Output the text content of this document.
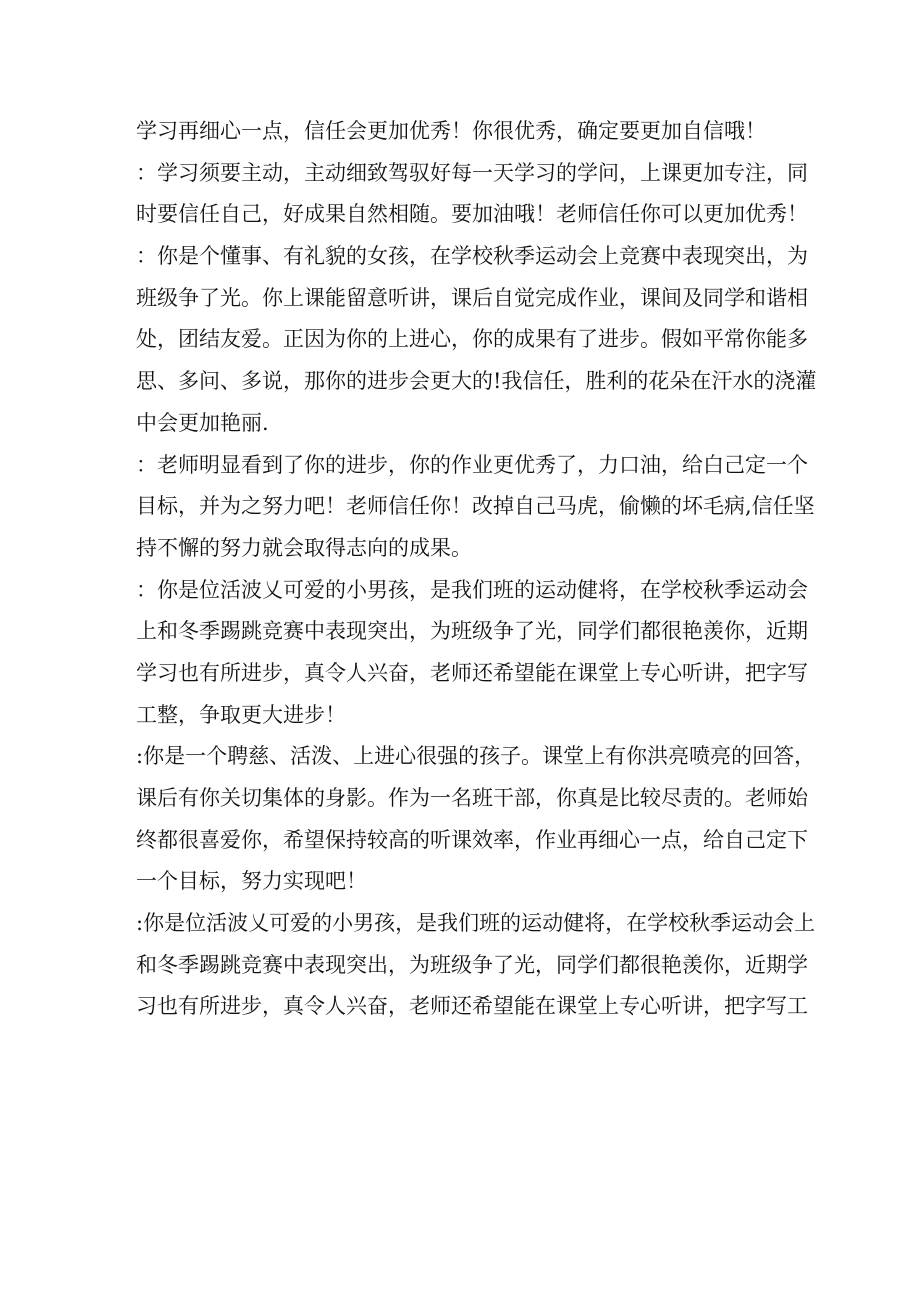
学习再细心一点，信任会更加优秀！你很优秀，确定要更加自信哦！
：学习须要主动，主动细致驾驭好每一天学习的学问，上课更加专注，同
时要信任自己，好成果自然相随。要加油哦！老师信任你可以更加优秀！
：你是个懂事、有礼貌的女孩，在学校秋季运动会上竞赛中表现突出，为
班级争了光。你上课能留意听讲，课后自觉完成作业，课间及同学和谐相
处，团结友爱。正因为你的上进心，你的成果有了进步。假如平常你能多
思、多问、多说，那你的进步会更大的!我信任，胜利的花朵在汗水的浇灌
中会更加艳丽.
：老师明显看到了你的进步，你的作业更优秀了，力口油，给白己定一个
目标，并为之努力吧！老师信任你！改掉自己马虎，偷懒的坏毛病,信任坚
持不懈的努力就会取得志向的成果。
：你是位活波乂可爱的小男孩，是我们班的运动健将，在学校秋季运动会
上和冬季踢跳竞赛中表现突出，为班级争了光，同学们都很艳羡你，近期
学习也有所进步，真令人兴奋，老师还希望能在课堂上专心听讲，把字写
工整，争取更大进步！
:你是一个聘慈、活泼、上进心很强的孩子。课堂上有你洪亮喷亮的回答，
课后有你关切集体的身影。作为一名班干部，你真是比较尽责的。老师始
终都很喜爱你，希望保持较高的听课效率，作业再细心一点，给自己定下
一个目标，努力实现吧！
:你是位活波乂可爱的小男孩，是我们班的运动健将，在学校秋季运动会上
和冬季踢跳竞赛中表现突出，为班级争了光，同学们都很艳羡你，近期学
习也有所进步，真令人兴奋，老师还希望能在课堂上专心听讲，把字写工
